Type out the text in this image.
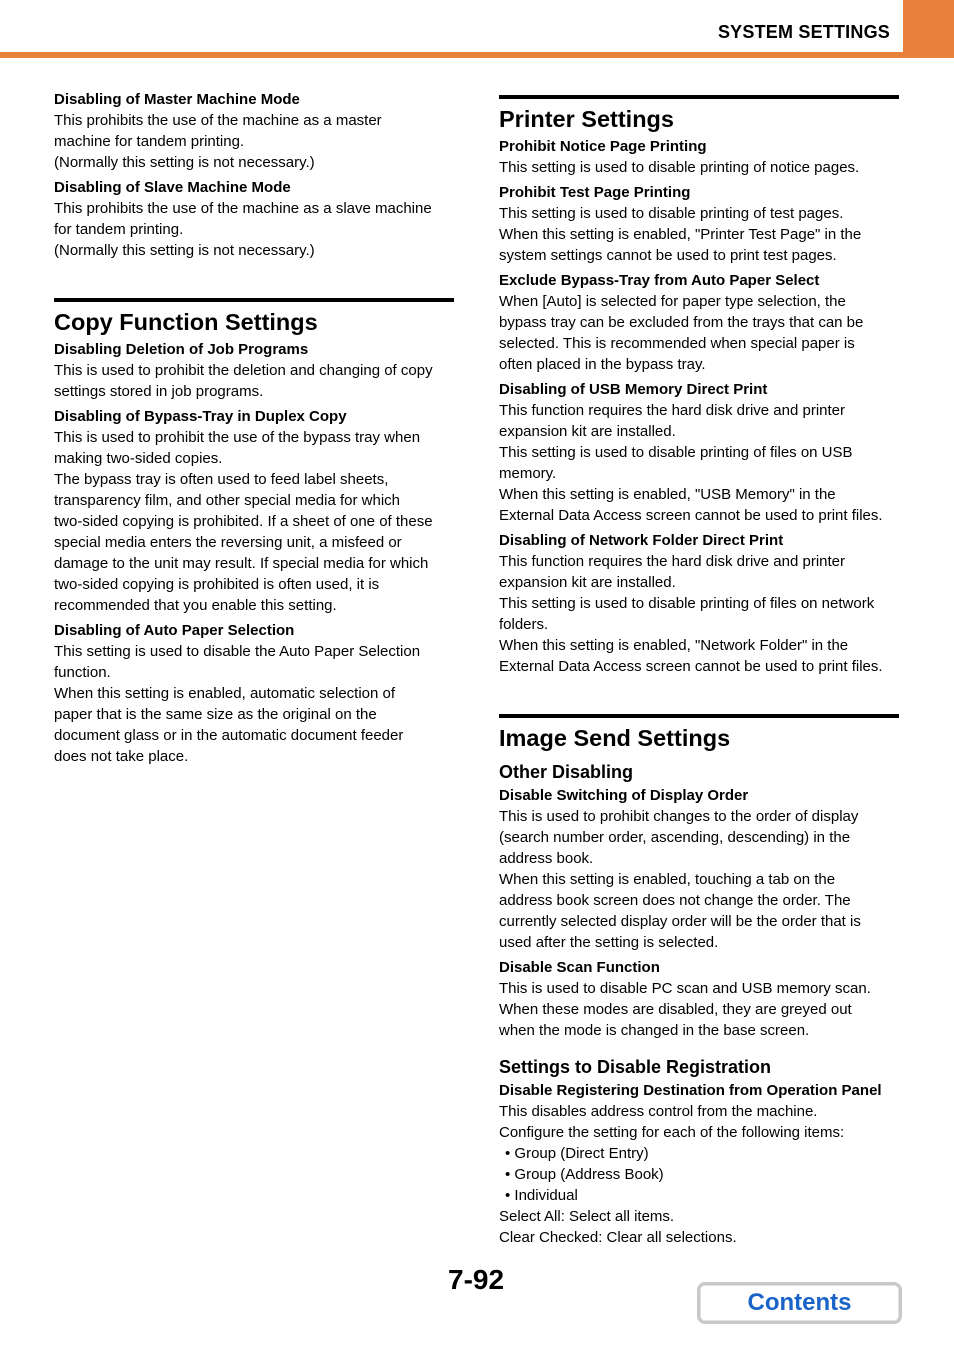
SYSTEM SETTINGS

Disabling of Master Machine Mode

This prohibits the use of the machine as a master

machine for tandem printing.

(Normally this setting is not necessary.)

Disabling of Slave Machine Mode

This prohibits the use of the machine as a slave machine

for tandem printing.

(Normally this setting is not necessary.)

Copy Function Settings

Disabling Deletion of Job Programs

This is used to prohibit the deletion and changing of copy

settings stored in job programs.

Disabling of Bypass-Tray in Duplex Copy

This is used to prohibit the use of the bypass tray when

making two-sided copies.

The bypass tray is often used to feed label sheets,

transparency film, and other special media for which

two-sided copying is prohibited. If a sheet of one of these

special media enters the reversing unit, a misfeed or

damage to the unit may result. If special media for which

two-sided copying is prohibited is often used, it is

recommended that you enable this setting.

Disabling of Auto Paper Selection

This setting is used to disable the Auto Paper Selection

function.

When this setting is enabled, automatic selection of

paper that is the same size as the original on the

document glass or in the automatic document feeder

does not take place.

Printer Settings

Prohibit Notice Page Printing

This setting is used to disable printing of notice pages.

Prohibit Test Page Printing

This setting is used to disable printing of test pages.

When this setting is enabled, "Printer Test Page" in the

system settings cannot be used to print test pages.

Exclude Bypass-Tray from Auto Paper Select

When [Auto] is selected for paper type selection, the

bypass tray can be excluded from the trays that can be

selected. This is recommended when special paper is

often placed in the bypass tray.

Disabling of USB Memory Direct Print

This function requires the hard disk drive and printer

expansion kit are installed.

This setting is used to disable printing of files on USB

memory.

When this setting is enabled, "USB Memory" in the

External Data Access screen cannot be used to print files.

Disabling of Network Folder Direct Print

This function requires the hard disk drive and printer

expansion kit are installed.

This setting is used to disable printing of files on network

folders.

When this setting is enabled, "Network Folder" in the

External Data Access screen cannot be used to print files.

Image Send Settings
Other Disabling

Disable Switching of Display Order

This is used to prohibit changes to the order of display

(search number order, ascending, descending) in the

address book.

When this setting is enabled, touching a tab on the

address book screen does not change the order. The

currently selected display order will be the order that is

used after the setting is selected.

Disable Scan Function

This is used to disable PC scan and USB memory scan.

When these modes are disabled, they are greyed out

when the mode is changed in the base screen.

Settings to Disable Registration

Disable Registering Destination from Operation Panel

This disables address control from the machine.

Configure the setting for each of the following items:

• Group (Direct Entry)

• Group (Address Book)

• Individual

Select All: Select all items.

Clear Checked: Clear all selections.

7-92
Contents
